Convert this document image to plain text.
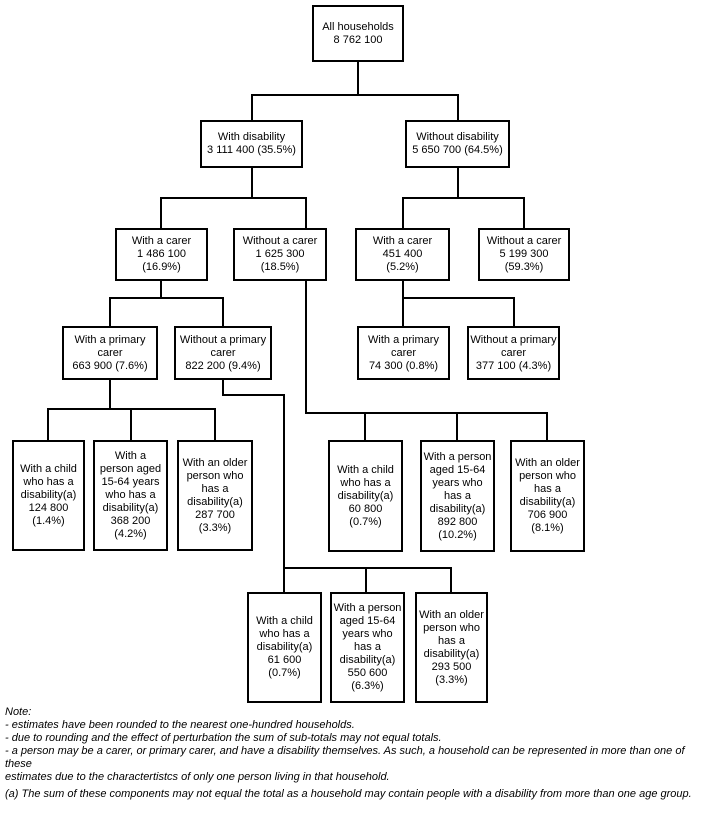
All households
8 762 100
With disability
3 111 400 (35.5%)
Without disability
5 650 700 (64.5%)
With a carer
1 486 100
(16.9%)
Without a carer
1 625 300
(18.5%)
With a carer
451 400
(5.2%)
Without a carer
5 199 300
(59.3%)
With a primary
carer
663 900 (7.6%)
Without a primary
carer
822 200 (9.4%)
With a primary
carer
74 300 (0.8%)
Without a primary
carer
377 100 (4.3%)
With a child
who has a
disability(a)
124 800
(1.4%)
With a
person aged
15-64 years
who has a
disability(a)
368 200
(4.2%)
With an older
person who
has a
disability(a)
287 700
(3.3%)
With a child
who has a
disability(a)
60 800
(0.7%)
With a person
aged 15-64
years who
has a
disability(a)
892 800
(10.2%)
With an older
person who
has a
disability(a)
706 900
(8.1%)
With a child
who has a
disability(a)
61 600
(0.7%)
With a person
aged 15-64
years who
has a
disability(a)
550 600
(6.3%)
With an older
person who
has a
disability(a)
293 500
(3.3%)
Note:
- estimates have been rounded to the nearest one-hundred households.
- due to rounding and the effect of perturbation the sum of sub-totals may not equal totals.
- a person may be a carer, or primary carer, and have a disability themselves. As such, a household can be represented in more than one of these
estimates due to the charactertistcs of only one person living in that household.
(a) The sum of these components may not equal the total as a household may contain people with a disability from more than one age group.
